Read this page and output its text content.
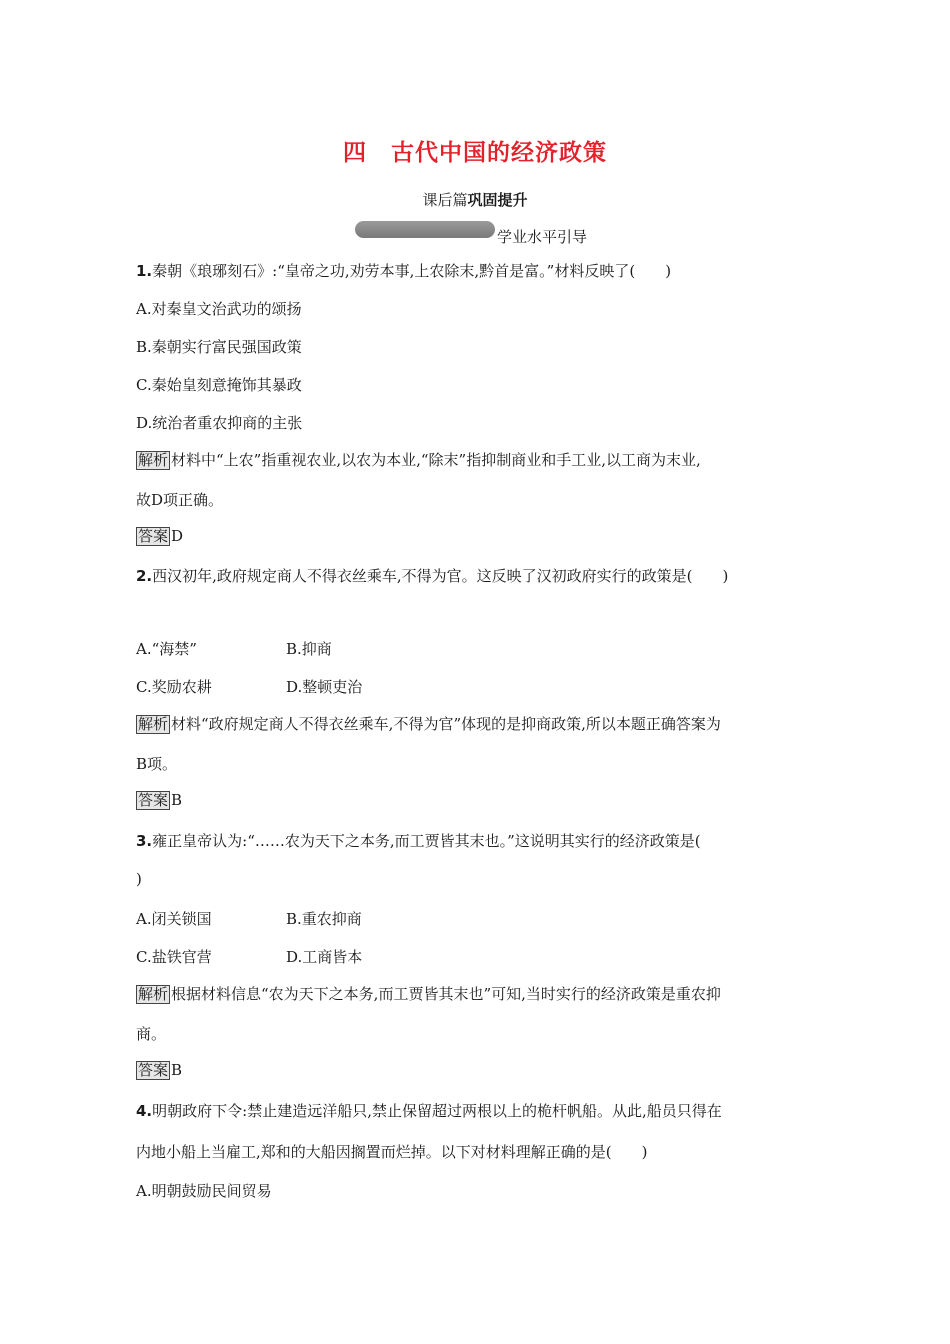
四　古代中国的经济政策
课后篇巩固提升
学业水平引导
1.秦朝《琅琊刻石》:“皇帝之功,劝劳本事,上农除末,黔首是富。”材料反映了(　　)
A.对秦皇文治武功的颂扬
B.秦朝实行富民强国政策
C.秦始皇刻意掩饰其暴政
D.统治者重农抑商的主张
解析 材料中“上农”指重视农业,以农为本业,“除末”指抑制商业和手工业,以工商为末业,
故D项正确。
答案 D
2.西汉初年,政府规定商人不得衣丝乘车,不得为官。这反映了汉初政府实行的政策是(　　)
A.“海禁”	B.抑商
C.奖励农耕	D.整顿吏治
解析 材料“政府规定商人不得衣丝乘车,不得为官”体现的是抑商政策,所以本题正确答案为
B项。
答案 B
3.雍正皇帝认为:“……农为天下之本务,而工贾皆其末也。”这说明其实行的经济政策是(
)
A.闭关锁国	B.重农抑商
C.盐铁官营	D.工商皆本
解析 根据材料信息“农为天下之本务,而工贾皆其末也”可知,当时实行的经济政策是重农抑
商。
答案 B
4.明朝政府下令:禁止建造远洋船只,禁止保留超过两根以上的桅杆帆船。从此,船员只得在
内地小船上当雇工,郑和的大船因搁置而烂掉。以下对材料理解正确的是(　　)
A.明朝鼓励民间贸易
